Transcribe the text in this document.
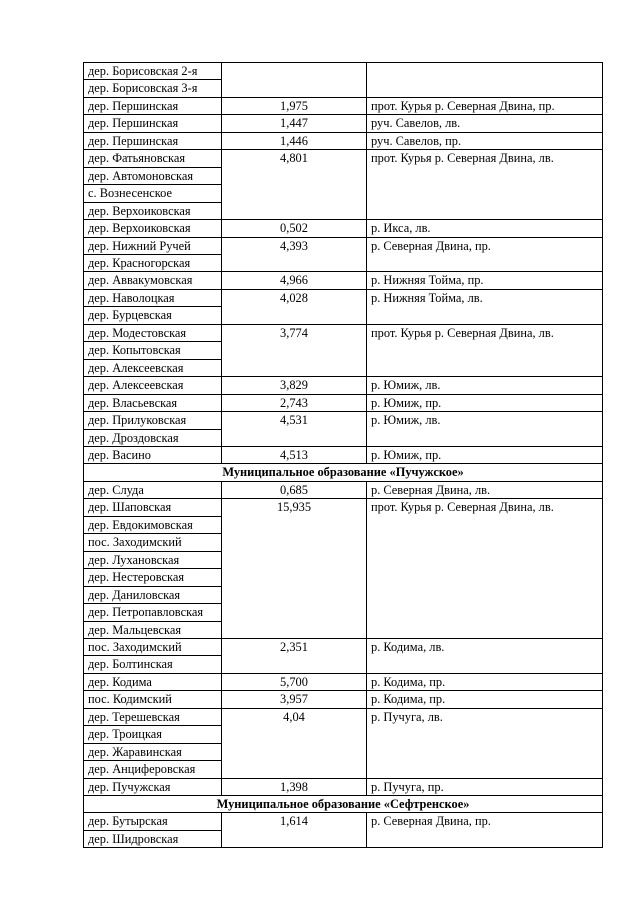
дер. Борисовская 2-я		
дер. Борисовская 3-я		
дер. Першинская	1,975	прот. Курья р. Северная Двина, пр.
дер. Першинская	1,447	руч. Савелов, лв.
дер. Першинская	1,446	руч. Савелов, пр.
дер. Фатьяновская	4,801	прот. Курья р. Северная Двина, лв.
дер. Автомоновская		
с. Вознесенское		
дер. Верхоиковская		
дер. Верхоиковская	0,502	р. Икса, лв.
дер. Нижний Ручей	4,393	р. Северная Двина, пр.
дер. Красногорская		
дер. Аввакумовская	4,966	р. Нижняя Тойма, пр.
дер. Наволоцкая	4,028	р. Нижняя Тойма, лв.
дер. Бурцевская		
дер. Модестовская	3,774	прот. Курья р. Северная Двина, лв.
дер. Копытовская		
дер. Алексеевская		
дер. Алексеевская	3,829	р. Юмиж, лв.
дер. Власьевская	2,743	р. Юмиж, пр.
дер. Прилуковская	4,531	р. Юмиж, лв.
дер. Дроздовская		
дер. Васино	4,513	р. Юмиж, пр.
Муниципальное образование «Пучужское»		
дер. Слуда	0,685	р. Северная Двина, лв.
дер. Шаповская	15,935	прот. Курья р. Северная Двина, лв.
дер. Евдокимовская		
пос. Заходимский		
дер. Лухановская		
дер. Нестеровская		
дер. Даниловская		
дер. Петропавловская		
дер. Мальцевская		
пос. Заходимский	2,351	р. Кодима, лв.
дер. Болтинская		
дер. Кодима	5,700	р. Кодима, пр.
пос. Кодимский	3,957	р. Кодима, пр.
дер. Терешевская	4,04	р. Пучуга, лв.
дер. Троицкая		
дер. Жаравинская		
дер. Анциферовская		
дер. Пучужская	1,398	р. Пучуга, пр.
Муниципальное образование «Сефтренское»		
дер. Бутырская	1,614	р. Северная Двина, пр.
дер. Шидровская		
